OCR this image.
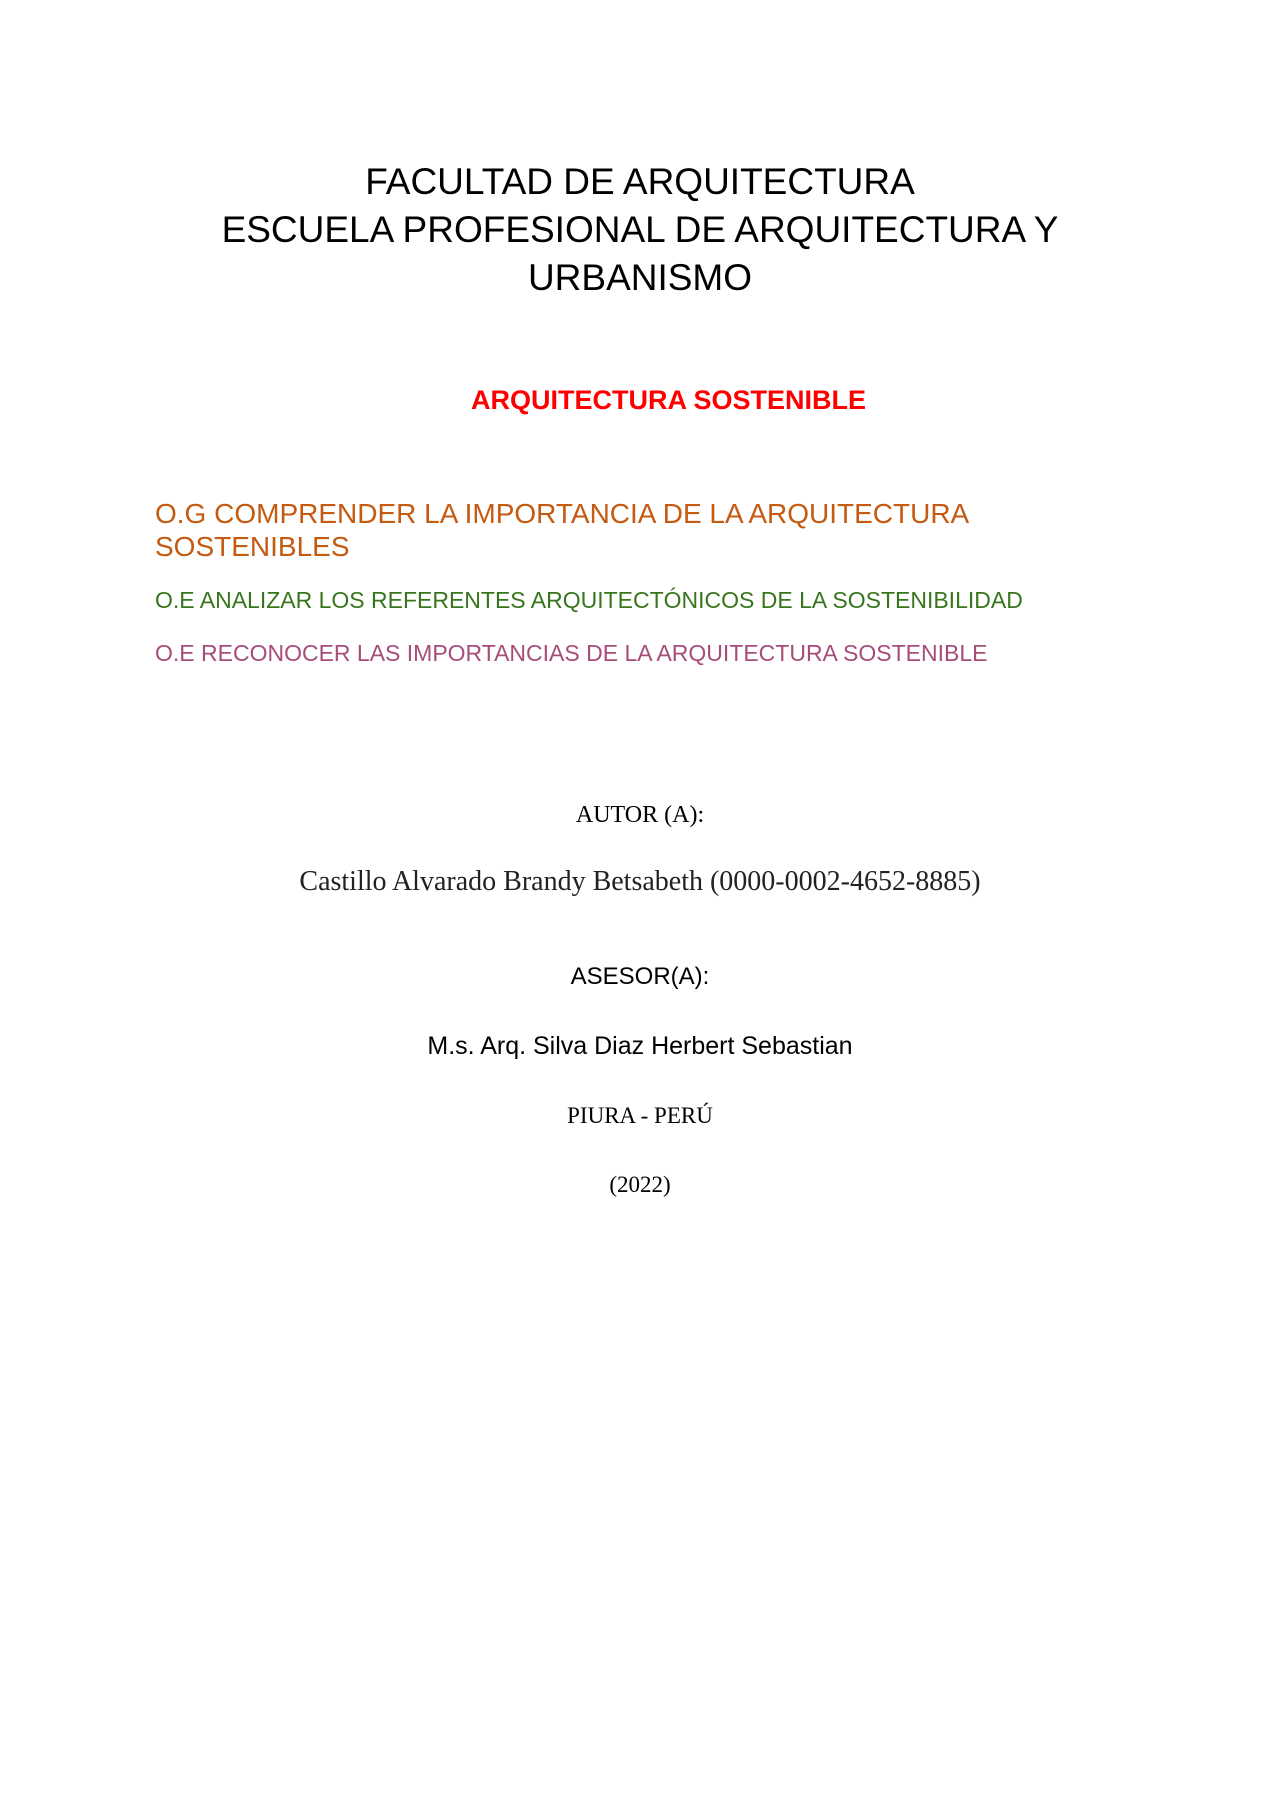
FACULTAD DE ARQUITECTURA
ESCUELA PROFESIONAL DE ARQUITECTURA Y URBANISMO
ARQUITECTURA SOSTENIBLE
O.G COMPRENDER LA IMPORTANCIA DE LA ARQUITECTURA SOSTENIBLES
O.E ANALIZAR LOS REFERENTES ARQUITECTÓNICOS DE LA SOSTENIBILIDAD
O.E RECONOCER LAS IMPORTANCIAS DE LA ARQUITECTURA SOSTENIBLE
AUTOR (A):
Castillo Alvarado Brandy Betsabeth (0000-0002-4652-8885)
ASESOR(A):
M.s. Arq. Silva Diaz Herbert Sebastian
PIURA - PERÚ
(2022)
